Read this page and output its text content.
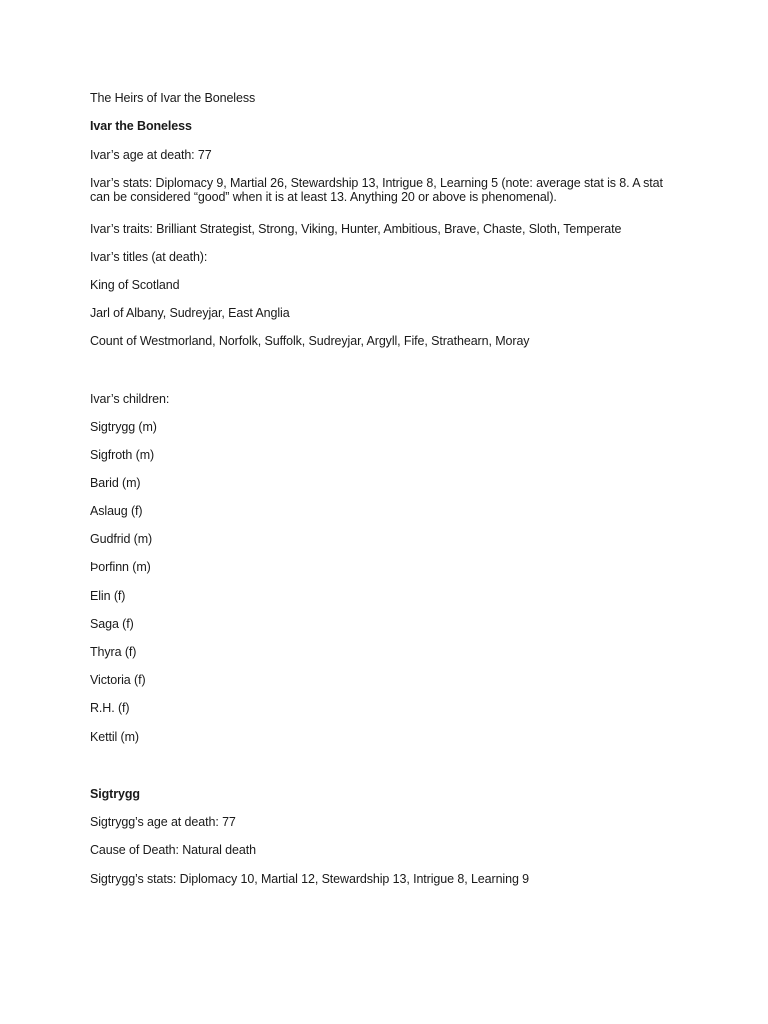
The Heirs of Ivar the Boneless
Ivar the Boneless
Ivar’s age at death: 77
Ivar’s stats: Diplomacy 9, Martial 26, Stewardship 13, Intrigue 8, Learning 5 (note: average stat is 8. A stat can be considered “good” when it is at least 13. Anything 20 or above is phenomenal).
Ivar’s traits: Brilliant Strategist, Strong, Viking, Hunter, Ambitious, Brave, Chaste, Sloth, Temperate
Ivar’s titles (at death):
King of Scotland
Jarl of Albany, Sudreyjar, East Anglia
Count of Westmorland, Norfolk, Suffolk, Sudreyjar, Argyll, Fife, Strathearn, Moray
Ivar’s children:
Sigtrygg (m)
Sigfroth (m)
Barid (m)
Aslaug (f)
Gudfrid (m)
Þorfinn (m)
Elin (f)
Saga (f)
Thyra (f)
Victoria (f)
R.H. (f)
Kettil (m)
Sigtrygg
Sigtrygg’s age at death: 77
Cause of Death: Natural death
Sigtrygg’s stats: Diplomacy 10, Martial 12, Stewardship 13, Intrigue 8, Learning 9
